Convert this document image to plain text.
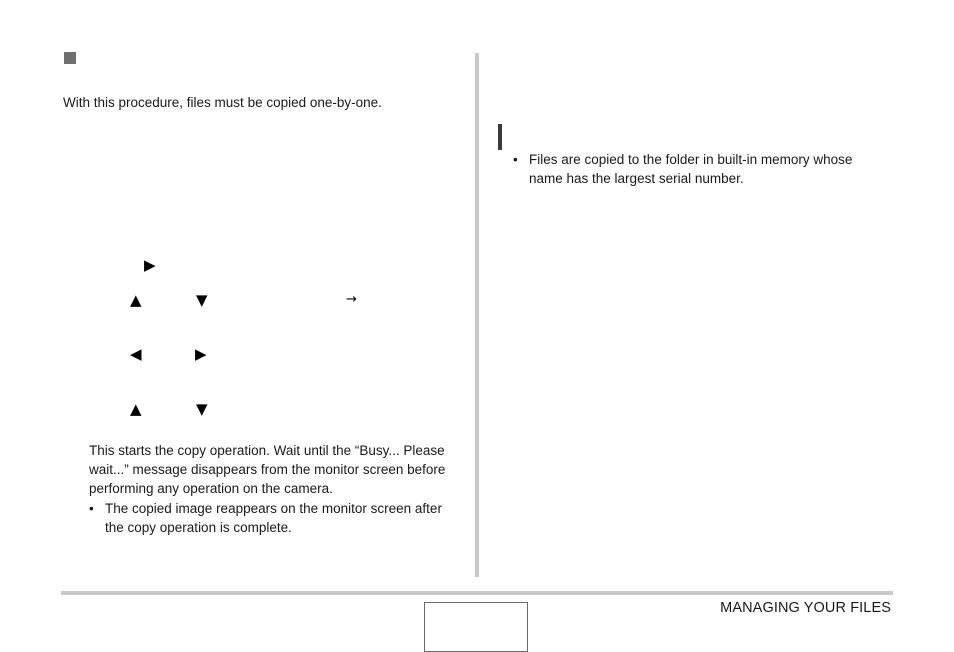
With this procedure, files must be copied one-by-one.
▶
▲	▼	→
◀	▶
▲	▼
This starts the copy operation. Wait until the “Busy... Please
wait...” message disappears from the monitor screen before
performing any operation on the camera.
• The copied image reappears on the monitor screen after
the copy operation is complete.
• Files are copied to the folder in built-in memory whose
name has the largest serial number.
MANAGING YOUR FILES
